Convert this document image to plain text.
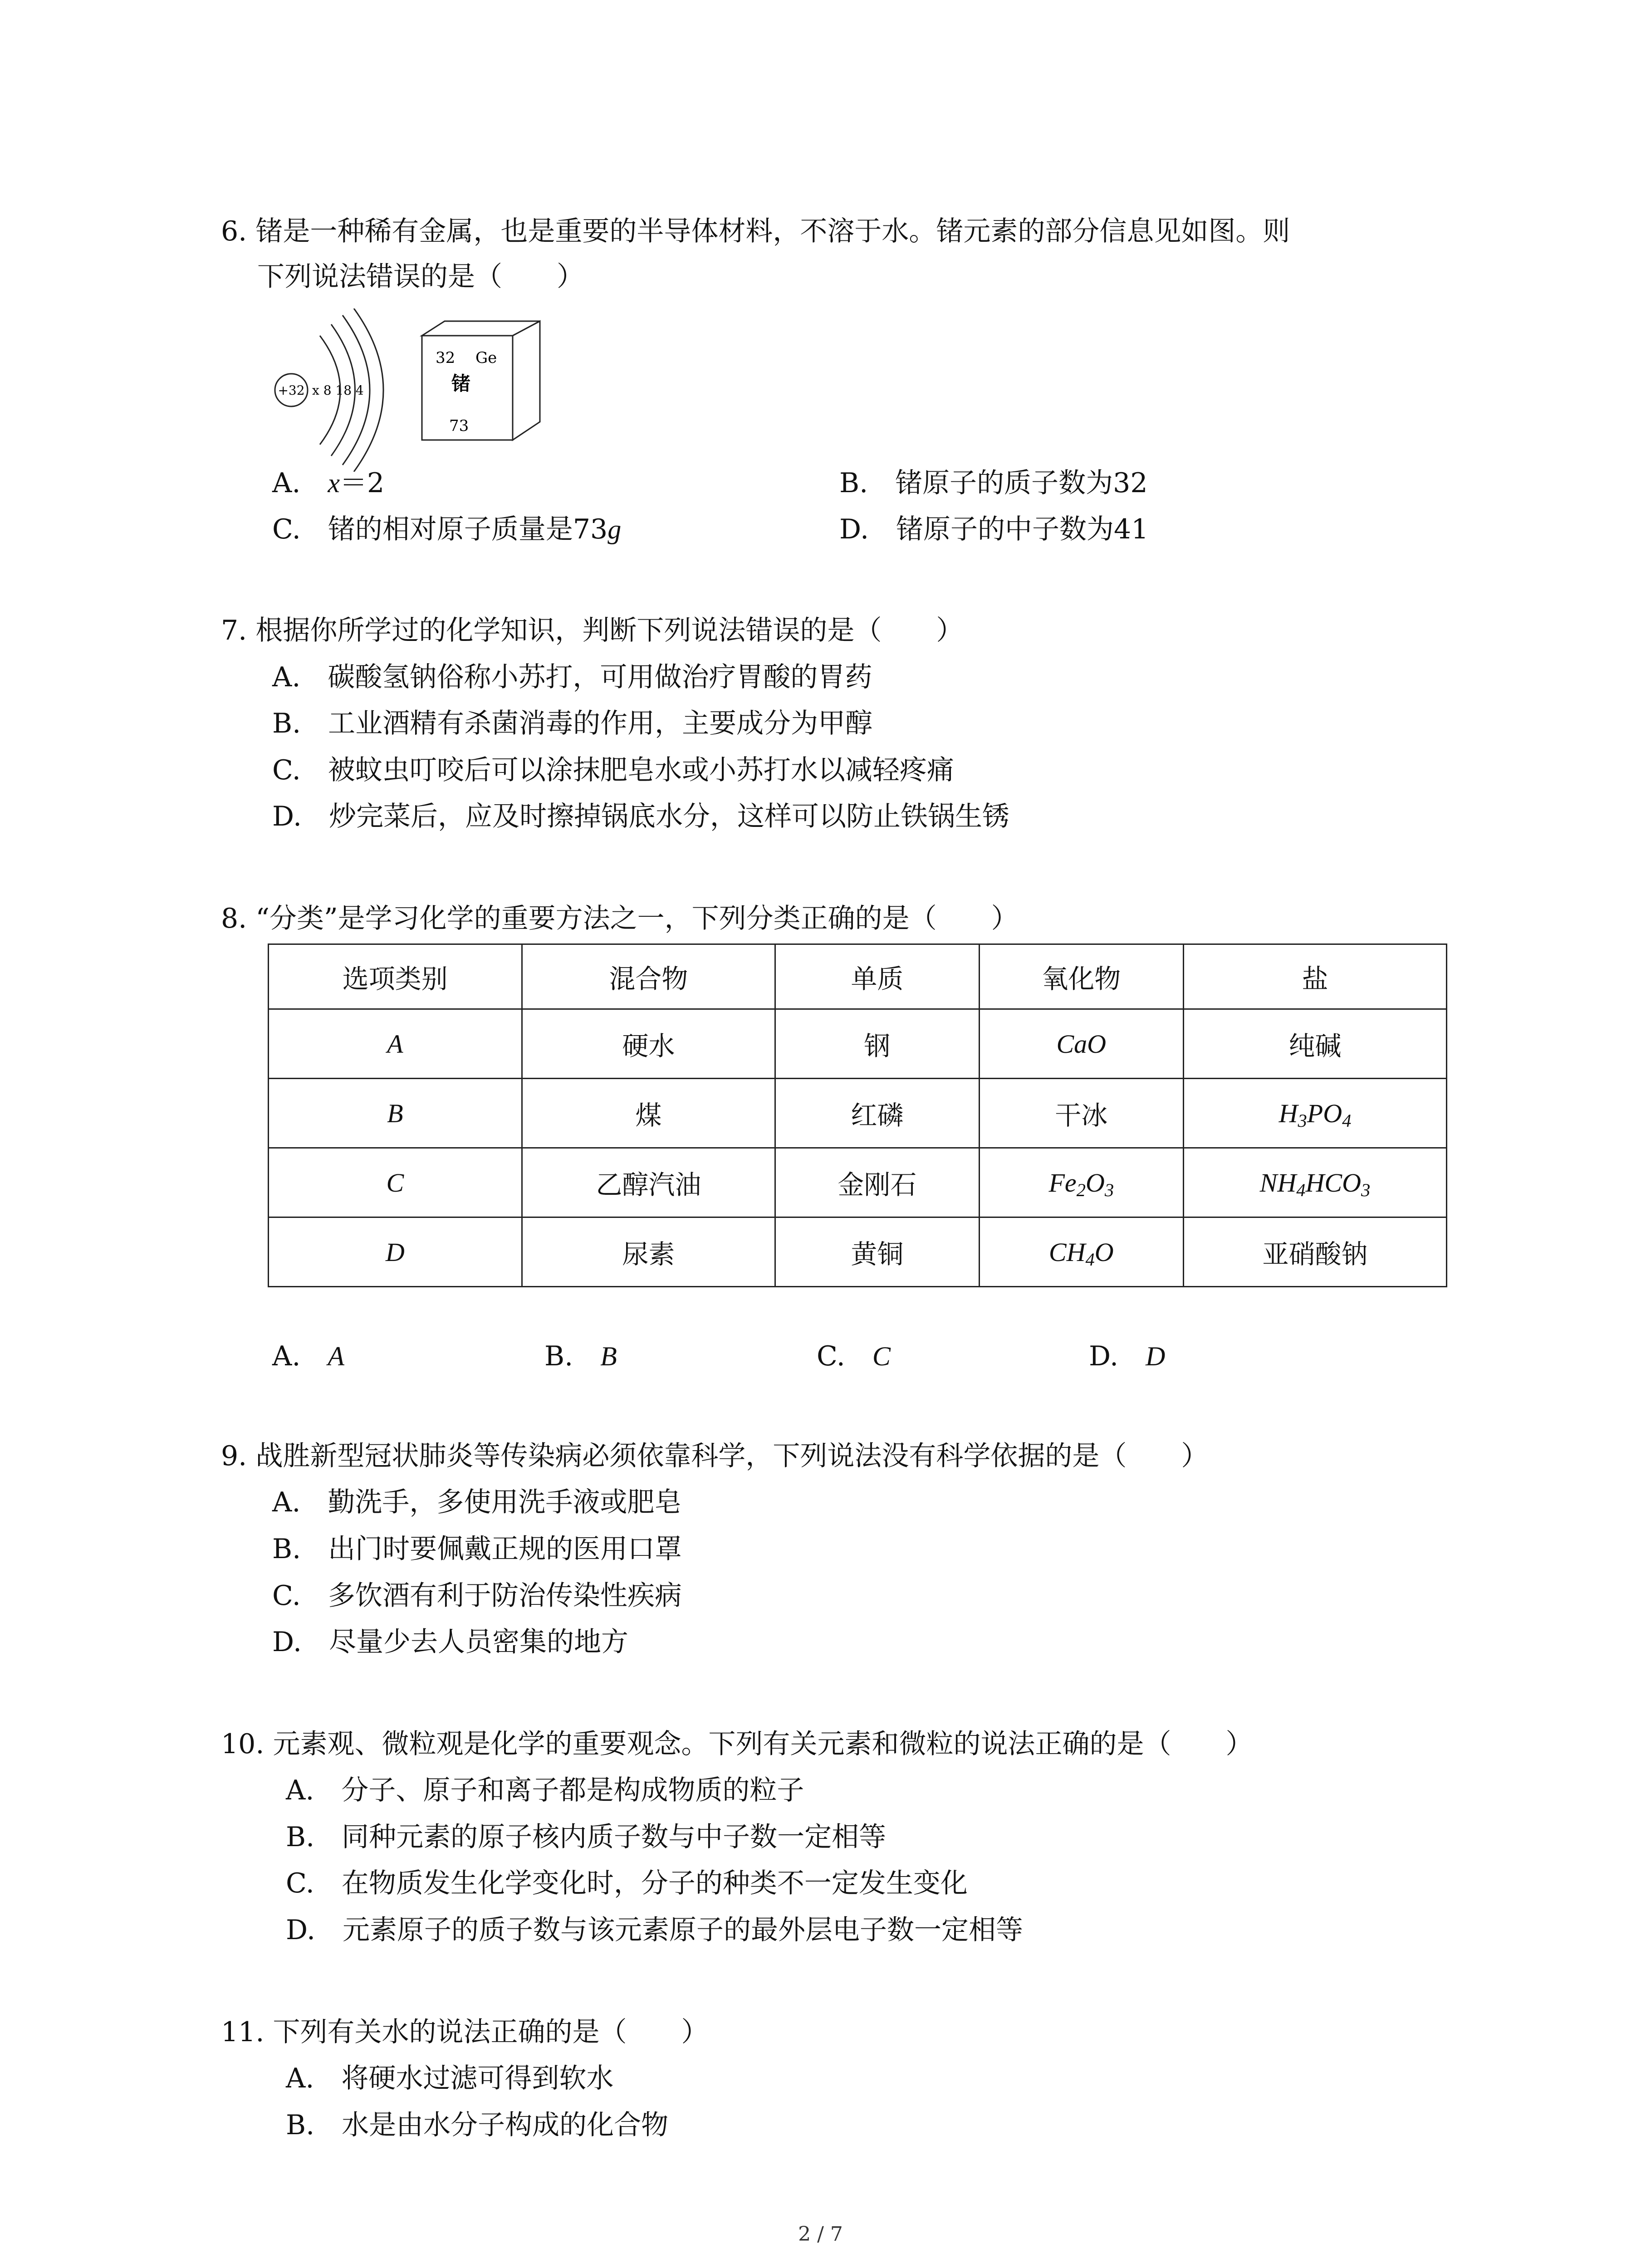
6. 锗是一种稀有金属，也是重要的半导体材料，不溶于水。锗元素的部分信息见如图。则
下列说法错误的是（　　）
+32 x 8 18 4
32 Ge
锗
73
A.　 x＝2	B.　锗原子的质子数为32
C.　锗的相对原子质量是73g	D.　锗原子的中子数为41
7. 根据你所学过的化学知识，判断下列说法错误的是（　　）
A.　碳酸氢钠俗称小苏打，可用做治疗胃酸的胃药
B.　工业酒精有杀菌消毒的作用，主要成分为甲醇
C.　被蚊虫叮咬后可以涂抹肥皂水或小苏打水以减轻疼痛
D.　炒完菜后，应及时擦掉锅底水分，这样可以防止铁锅生锈
8. “分类”是学习化学的重要方法之一，下列分类正确的是（　　）
选项类别	混合物	单质	氧化物	盐
A	硬水	钢	CaO	纯碱
B	煤	红磷	干冰	$H_3PO_4$
C	乙醇汽油	金刚石	$Fe_2O_3$	$NH_4HCO_3$
D	尿素	黄铜	$CH_4O$	亚硝酸钠
A.　 A	B.　 B	C.　 C	D.　 D
9. 战胜新型冠状肺炎等传染病必须依靠科学，下列说法没有科学依据的是（　　）
A.　勤洗手，多使用洗手液或肥皂
B.　出门时要佩戴正规的医用口罩
C.　多饮酒有利于防治传染性疾病
D.　尽量少去人员密集的地方
10. 元素观、微粒观是化学的重要观念。下列有关元素和微粒的说法正确的是（　　）
A.　分子、原子和离子都是构成物质的粒子
B.　同种元素的原子核内质子数与中子数一定相等
C.　在物质发生化学变化时，分子的种类不一定发生变化
D.　元素原子的质子数与该元素原子的最外层电子数一定相等
11. 下列有关水的说法正确的是（　　）
A.　将硬水过滤可得到软水
B.　水是由水分子构成的化合物
2 / 7
